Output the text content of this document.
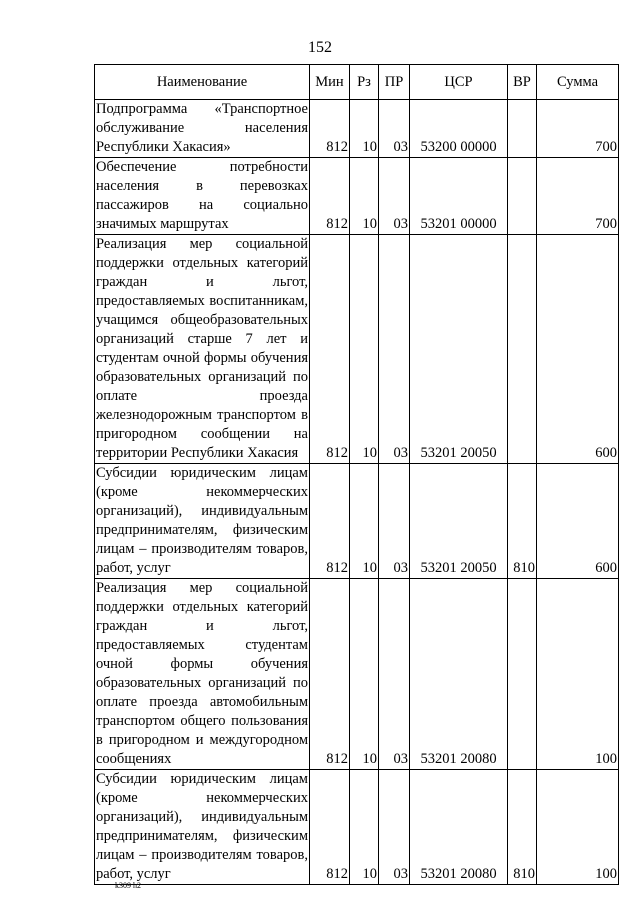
152
Наименование	Мин	Рз	ПР	ЦСР	ВР	Сумма
Подпрограмма «Транспортное обслуживание населения Республики Хакасия»	812	10	03	53200 00000		700
Обеспечение потребности населения в перевозках пассажиров на социально значимых маршрутах	812	10	03	53201 00000		700
Реализация мер социальной поддержки отдельных категорий граждан и льгот, предоставляемых воспитанникам, учащимся общеобразовательных организаций старше 7 лет и студентам очной формы обучения образовательных организаций по оплате проезда железнодорожным транспортом в пригородном сообщении на территории Республики Хакасия	812	10	03	53201 20050		600
Субсидии юридическим лицам (кроме некоммерческих организаций), индивидуальным предпринимателям, физическим лицам – производителям товаров, работ, услуг	812	10	03	53201 20050	810	600
Реализация мер социальной поддержки отдельных категорий граждан и льгот, предоставляемых студентам очной формы обучения образовательных организаций по оплате проезда автомобильным транспортом общего пользования в пригородном и междугородном сообщениях	812	10	03	53201 20080		100
Субсидии юридическим лицам (кроме некоммерческих организаций), индивидуальным предпринимателям, физическим лицам – производителям товаров, работ, услуг	812	10	03	53201 20080	810	100
k309 h2
